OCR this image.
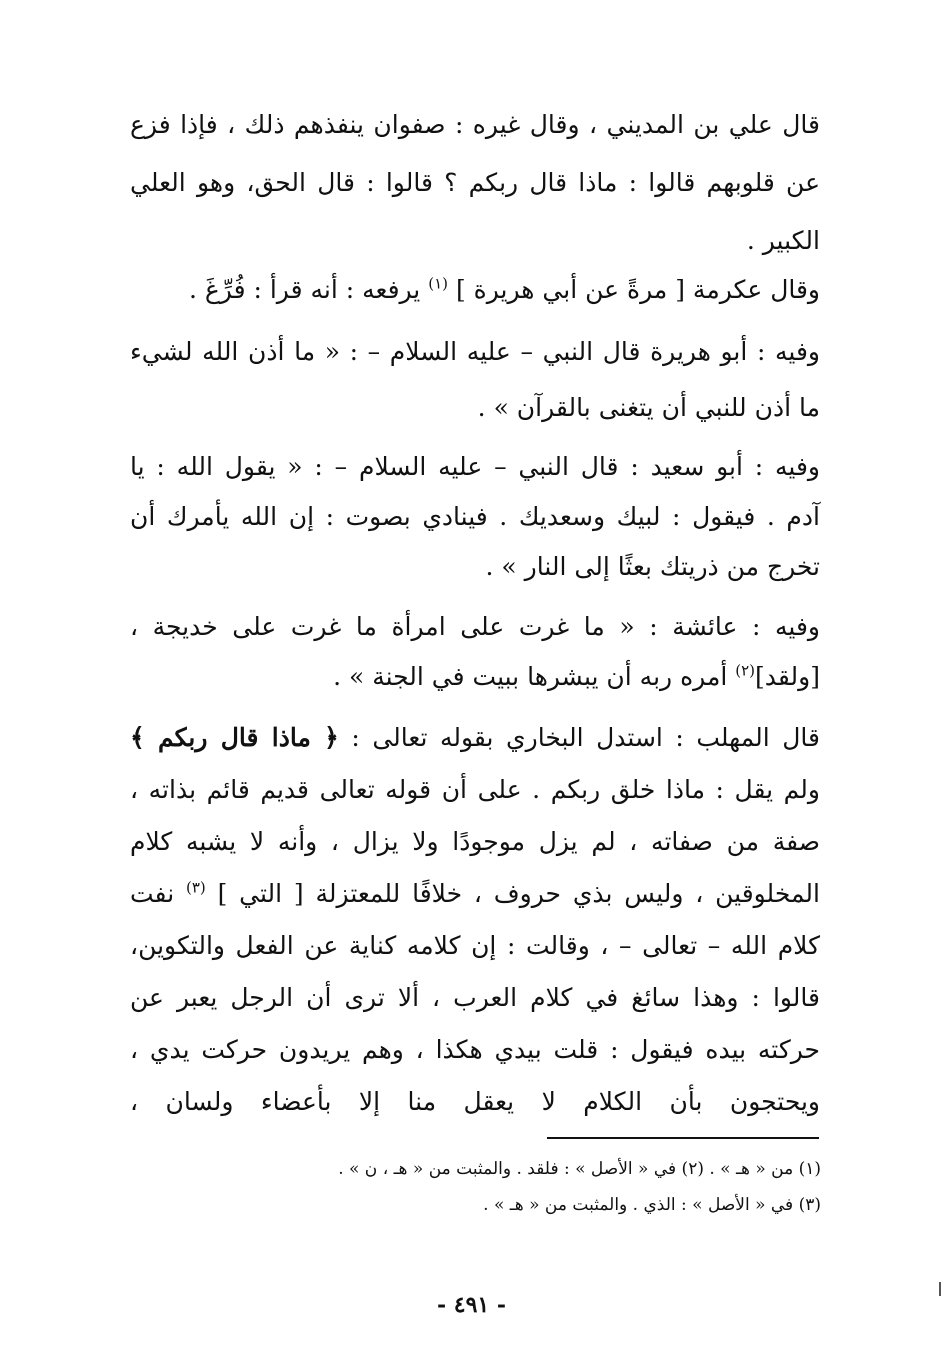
قال علي بن المديني ، وقال غيره : صفوان ينفذهم ذلك ، فإذا فزع
عن قلوبهم قالوا : ماذا قال ربكم ؟ قالوا : قال الحق، وهو العلي
الكبير .
وقال عكرمة [ مرةً عن أبي هريرة ] $^{(١)}$ يرفعه : أنه قرأ : فُرِّغَ .
وفيه : أبو هريرة قال النبي – عليه السلام – : « ما أذن الله لشيء
ما أذن للنبي أن يتغنى بالقرآن » .
وفيه : أبو سعيد : قال النبي – عليه السلام – : « يقول الله : يا
آدم . فيقول : لبيك وسعديك . فينادي بصوت : إن الله يأمرك أن
تخرج من ذريتك بعثًا إلى النار » .
وفيه : عائشة : « ما غرت على امرأة ما غرت على خديجة ،
[ولقد]$^{(٢)}$ أمره ربه أن يبشرها ببيت في الجنة » .
قال المهلب : استدل البخاري بقوله تعالى : ﴿ ماذا قال ربكم ﴾
ولم يقل : ماذا خلق ربكم . على أن قوله تعالى قديم قائم بذاته ،
صفة من صفاته ، لم يزل موجودًا ولا يزال ، وأنه لا يشبه كلام
المخلوقين ، وليس بذي حروف ، خلافًا للمعتزلة [ التي ] $^{(٣)}$ نفت
كلام الله – تعالى – ، وقالت : إن كلامه كناية عن الفعل والتكوين،
قالوا : وهذا سائغ في كلام العرب ، ألا ترى أن الرجل يعبر عن
حركته بيده فيقول : قلت بيدي هكذا ، وهم يريدون حركت يدي ،
ويحتجون بأن الكلام لا يعقل منا إلا بأعضاء ولسان ،
(١) من « هـ » . (٢) في « الأصل » : فلقد . والمثبت من « هـ ، ن » .
(٣) في « الأصل » : الذي . والمثبت من « هـ » .
- ٤٩١ -
